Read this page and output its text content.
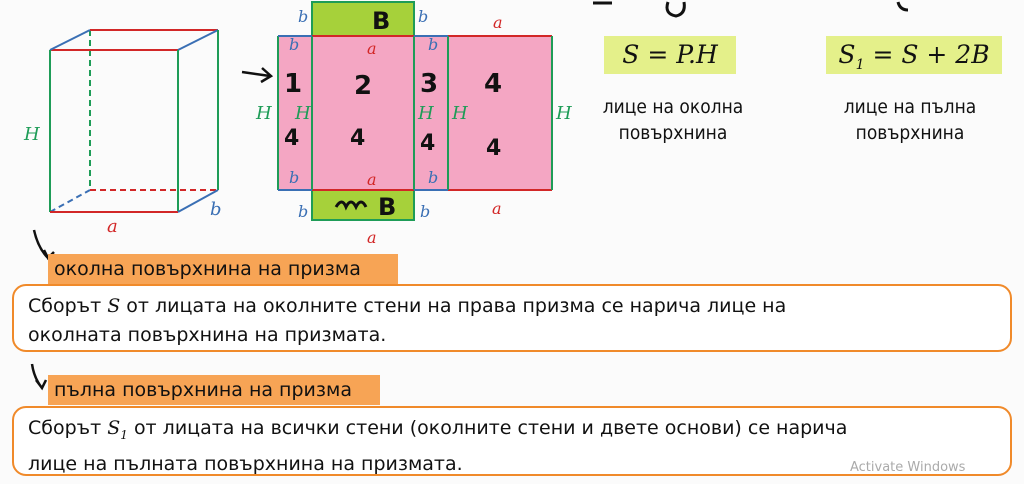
H
a
b
b	b	a
b	a	b
H H	H H	H
b	a	b
b	b	a
a
B
B
1 2 3 4
4 4 4 4
S = P.H	$S_1 = S + 2B$
лице на околна
повърхнина
лице на пълна
повърхнина
околна повърхнина на призма
Сборът S от лицата на околните стени на права призма се нарича лице на
околната повърхнина на призмата.
пълна повърхнина на призма
Сборът $S_1$ от лицата на всички стени (околните стени и двете основи) се нарича
лице на пълната повърхнина на призмата.	Activate Windows
